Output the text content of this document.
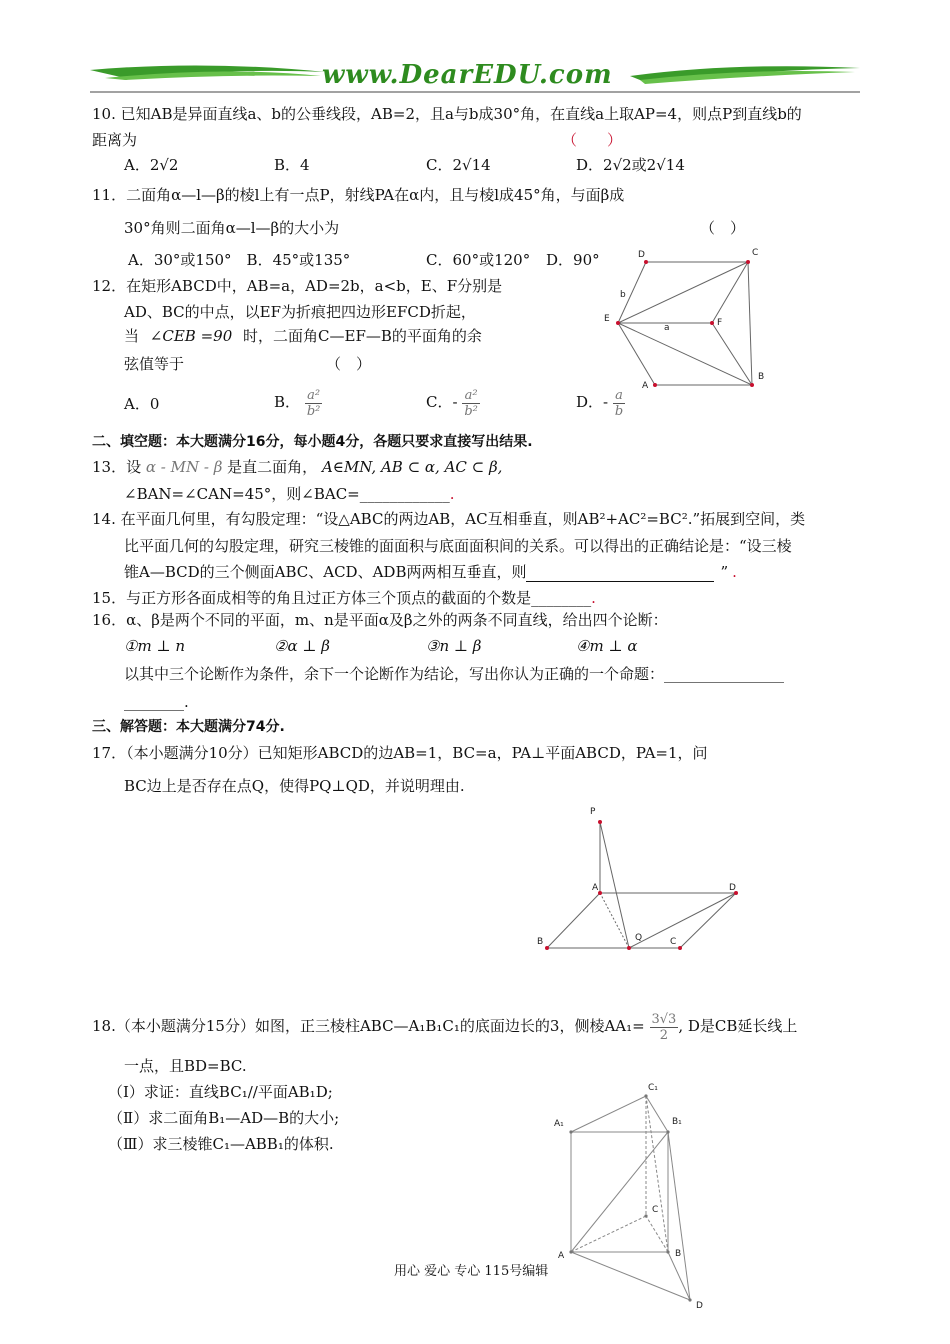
www.DearEDU.com
10. 已知AB是异面直线a、b的公垂线段，AB=2，且a与b成30°角，在直线a上取AP=4，则点P到直线b的
距离为	（　　）
A．2√2	B．4	C．2√14	D．2√2或2√14
11．二面角α—l—β的棱l上有一点P，射线PA在α内，且与棱l成45°角，与面β成
30°角则二面角α—l—β的大小为	（　）
A．30°或150°　B．45°或135°	C．60°或120° D．90°
12．在矩形ABCD中，AB=a，AD=2b，a<b，E、F分别是
AD、BC的中点，以EF为折痕把四边形EFCD折起，
当 ∠CEB =90 时，二面角C—EF—B的平面角的余
弦值等于	（　）
A．0	B． $\frac{\text{a²}}{\text{b²}}$	C．- $\frac{\text{a²}}{\text{b²}}$	D．- $\frac{a}{b}$
D	C
b
E
a	F
A
B
二、填空题：本大题满分16分，每小题4分，各题只要求直接写出结果.
13．设 α - MN - β 是直二面角， A∈MN, AB ⊂ α, AC ⊂ β,
∠BAN=∠CAN=45°，则∠BAC=____________.
14. 在平面几何里，有勾股定理：“设△ABC的两边AB，AC互相垂直，则AB²+AC²=BC².”拓展到空间，类
比平面几何的勾股定理，研究三棱锥的面面积与底面面积间的关系。可以得出的正确结论是：“设三棱
锥A—BCD的三个侧面ABC、ACD、ADB两两相互垂直，则	” .
15．与正方形各面成相等的角且过正方体三个顶点的截面的个数是________.
16．α、β是两个不同的平面，m、n是平面α及β之外的两条不同直线，给出四个论断：
①m ⊥ n	②α ⊥ β	③n ⊥ β	④m ⊥ α
以其中三个论断作为条件，余下一个论断作为结论，写出你认为正确的一个命题：________________
________.
三、解答题：本大题满分74分.
17．（本小题满分10分）已知矩形ABCD的边AB=1，BC=a，PA⊥平面ABCD，PA=1，问
BC边上是否存在点Q，使得PQ⊥QD，并说明理由.
P
A	D
B	Q	C
18.（本小题满分15分）如图，正三棱柱ABC—A₁B₁C₁的底面边长的3，侧棱$AA_1= \frac{3√3}{2}$ , D是CB延长线上
一点，且BD=BC.
（Ⅰ）求证：直线BC₁//平面AB₁D;
（Ⅱ）求二面角B₁—AD—B的大小;
（Ⅲ）求三棱锥C₁—ABB₁的体积.
C₁
A₁	B₁
C
A	B
D
用心 爱心 专心 115号编辑
